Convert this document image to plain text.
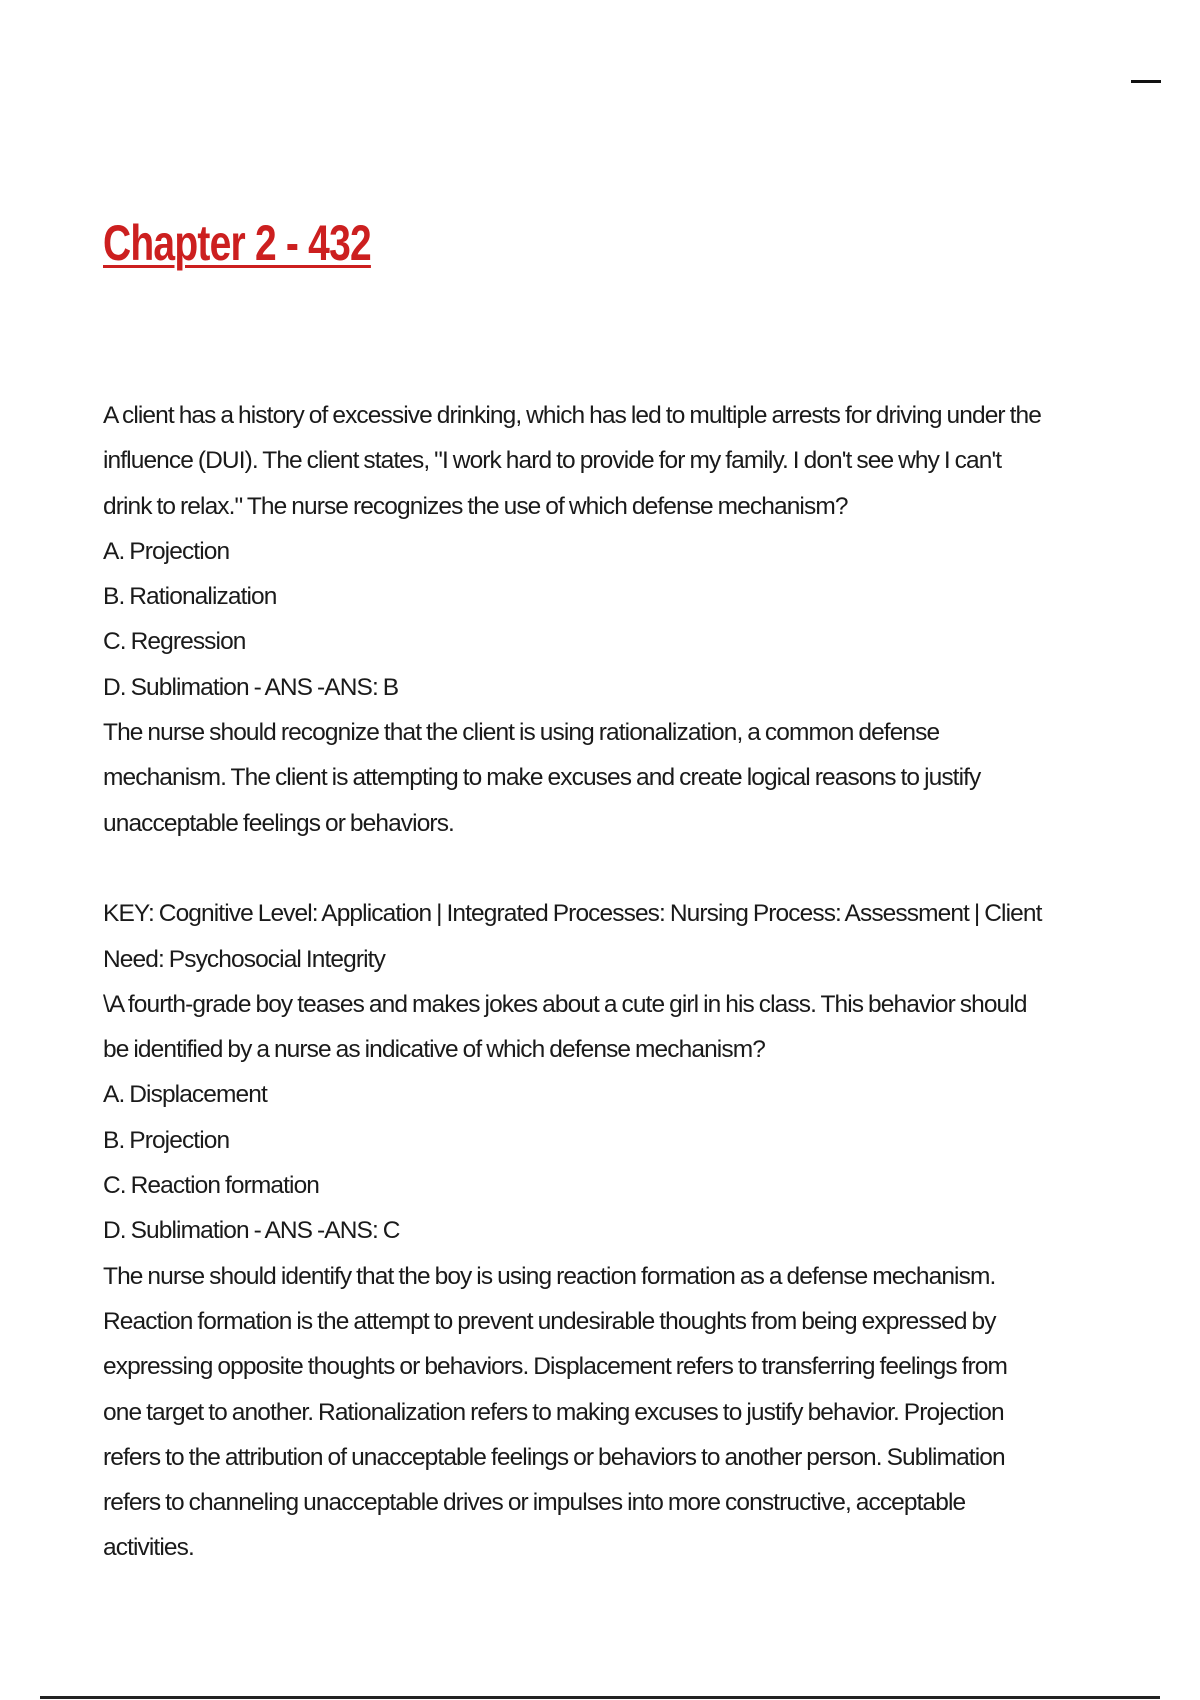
Chapter 2 - 432

A client has a history of excessive drinking, which has led to multiple arrests for driving under the influence (DUI). The client states, "I work hard to provide for my family. I don't see why I can't drink to relax." The nurse recognizes the use of which defense mechanism?

A. Projection

B. Rationalization

C. Regression

D. Sublimation - ANS -ANS: B

The nurse should recognize that the client is using rationalization, a common defense mechanism. The client is attempting to make excuses and create logical reasons to justify unacceptable feelings or behaviors.

KEY: Cognitive Level: Application | Integrated Processes: Nursing Process: Assessment | Client Need: Psychosocial Integrity

\A fourth-grade boy teases and makes jokes about a cute girl in his class. This behavior should be identified by a nurse as indicative of which defense mechanism?

A. Displacement

B. Projection

C. Reaction formation

D. Sublimation - ANS -ANS: C

The nurse should identify that the boy is using reaction formation as a defense mechanism. Reaction formation is the attempt to prevent undesirable thoughts from being expressed by expressing opposite thoughts or behaviors. Displacement refers to transferring feelings from one target to another. Rationalization refers to making excuses to justify behavior. Projection refers to the attribution of unacceptable feelings or behaviors to another person. Sublimation refers to channeling unacceptable drives or impulses into more constructive, acceptable activities.
